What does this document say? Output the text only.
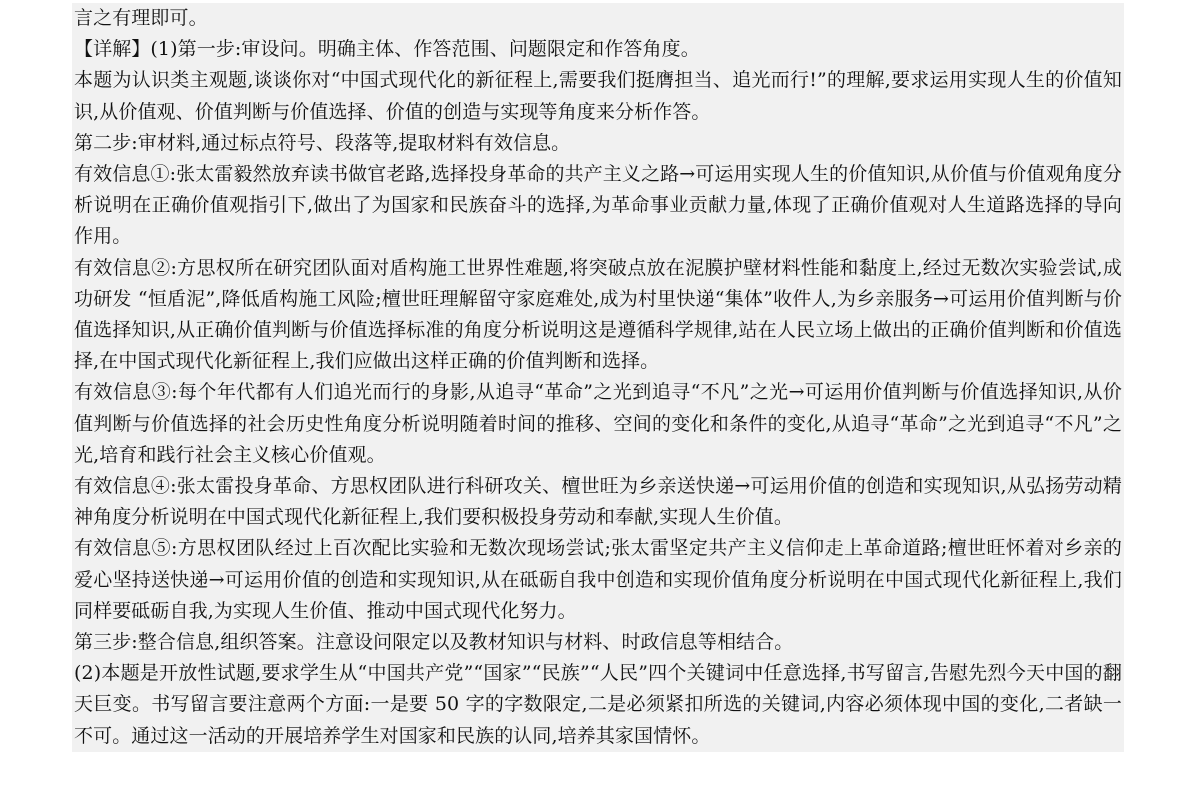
言之有理即可。

【详解】(1)第一步:审设问。明确主体、作答范围、问题限定和作答角度。

本题为认识类主观题,谈谈你对“中国式现代化的新征程上,需要我们挺膺担当、追光而行!”的理解,要求运用实现人生的价值知识,从价值观、价值判断与价值选择、价值的创造与实现等角度来分析作答。

第二步:审材料,通过标点符号、段落等,提取材料有效信息。

有效信息①:张太雷毅然放弃读书做官老路,选择投身革命的共产主义之路→可运用实现人生的价值知识,从价值与价值观角度分析说明在正确价值观指引下,做出了为国家和民族奋斗的选择,为革命事业贡献力量,体现了正确价值观对人生道路选择的导向作用。

有效信息②:方思权所在研究团队面对盾构施工世界性难题,将突破点放在泥膜护壁材料性能和黏度上,经过无数次实验尝试,成功研发 “恒盾泥”,降低盾构施工风险;檀世旺理解留守家庭难处,成为村里快递“集体”收件人,为乡亲服务→可运用价值判断与价值选择知识,从正确价值判断与价值选择标准的角度分析说明这是遵循科学规律,站在人民立场上做出的正确价值判断和价值选择,在中国式现代化新征程上,我们应做出这样正确的价值判断和选择。

有效信息③:每个年代都有人们追光而行的身影,从追寻“革命”之光到追寻“不凡”之光→可运用价值判断与价值选择知识,从价值判断与价值选择的社会历史性角度分析说明随着时间的推移、空间的变化和条件的变化,从追寻“革命”之光到追寻“不凡”之光,培育和践行社会主义核心价值观。

有效信息④:张太雷投身革命、方思权团队进行科研攻关、檀世旺为乡亲送快递→可运用价值的创造和实现知识,从弘扬劳动精神角度分析说明在中国式现代化新征程上,我们要积极投身劳动和奉献,实现人生价值。

有效信息⑤:方思权团队经过上百次配比实验和无数次现场尝试;张太雷坚定共产主义信仰走上革命道路;檀世旺怀着对乡亲的爱心坚持送快递→可运用价值的创造和实现知识,从在砥砺自我中创造和实现价值角度分析说明在中国式现代化新征程上,我们同样要砥砺自我,为实现人生价值、推动中国式现代化努力。

第三步:整合信息,组织答案。注意设问限定以及教材知识与材料、时政信息等相结合。

(2)本题是开放性试题,要求学生从“中国共产党”“国家”“民族”“人民”四个关键词中任意选择,书写留言,告慰先烈今天中国的翻天巨变。书写留言要注意两个方面:一是要 50 字的字数限定,二是必须紧扣所选的关键词,内容必须体现中国的变化,二者缺一不可。通过这一活动的开展培养学生对国家和民族的认同,培养其家国情怀。
